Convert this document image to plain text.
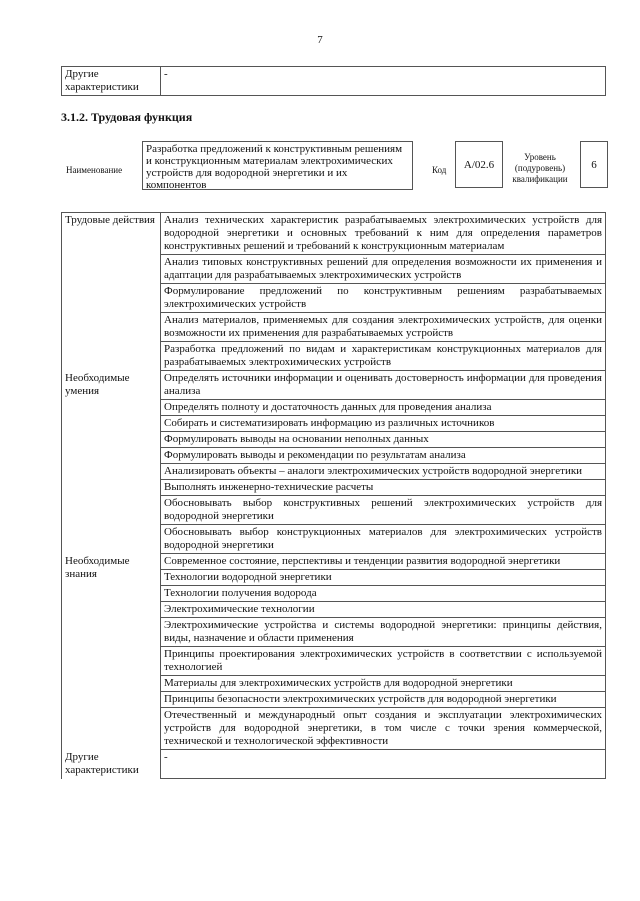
7
Другие характеристики	-
3.1.2. Трудовая функция
Наименование
Разработка предложений к конструктивным решениям и конструкционным материалам электрохимических устройств для водородной энергетики и их компонентов
Код	А/02.6
Уровень (подуровень) квалификации
6
Трудовые действия	Анализ технических характеристик разрабатываемых электрохимических устройств для водородной энергетики и основных требований к ним для определения параметров конструктивных решений и требований к конструкционным материалам
	Анализ типовых конструктивных решений для определения возможности их применения и адаптации для разрабатываемых электрохимических устройств
	Формулирование предложений по конструктивным решениям разрабатываемых электрохимических устройств
	Анализ материалов, применяемых для создания электрохимических устройств, для оценки возможности их применения для разрабатываемых устройств
	Разработка предложений по видам и характеристикам конструкционных материалов для разрабатываемых электрохимических устройств
Необходимые умения	Определять источники информации и оценивать достоверность информации для проведения анализа
	Определять полноту и достаточность данных для проведения анализа
	Собирать и систематизировать информацию из различных источников
	Формулировать выводы на основании неполных данных
	Формулировать выводы и рекомендации по результатам анализа
	Анализировать объекты – аналоги электрохимических устройств водородной энергетики
	Выполнять инженерно-технические расчеты
	Обосновывать выбор конструктивных решений электрохимических устройств для водородной энергетики
	Обосновывать выбор конструкционных материалов для электрохимических устройств водородной энергетики
Необходимые знания	Современное состояние, перспективы и тенденции развития водородной энергетики
	Технологии водородной энергетики
	Технологии получения водорода
	Электрохимические технологии
	Электрохимические устройства и системы водородной энергетики: принципы действия, виды, назначение и области применения
	Принципы проектирования электрохимических устройств в соответствии с используемой технологией
	Материалы для электрохимических устройств для водородной энергетики
	Принципы безопасности электрохимических устройств для водородной энергетики
	Отечественный и международный опыт создания и эксплуатации электрохимических устройств для водородной энергетики, в том числе с точки зрения коммерческой, технической и технологической эффективности
Другие характеристики	-
